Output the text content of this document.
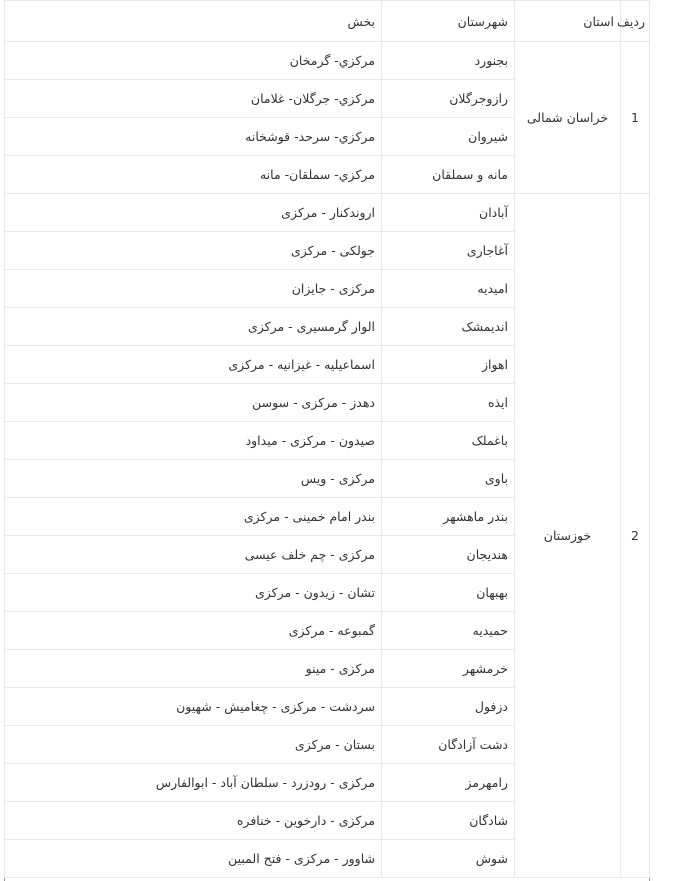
ردیف	استان	شهرستان	بخش
1	خراسان شمالی	بجنورد	مرکزي- گرمخان
		رازوجرگلان	مرکزي- جرگلان- غلامان
		شيروان	مرکزي- سرحد- قوشخانه
		مانه و سملقان	مرکزي- سملقان- مانه
2	خوزستان	آبادان	اروندکنار - مرکزی
		آغاجاری	جولکی - مرکزی
		امیدیه	مرکزی - جایزان
		اندیمشک	الوار گرمسیری - مرکزی
		اهواز	اسماعیلیه - غیزانیه - مرکزی
		ایذه	دهدز - مرکزی - سوسن
		باغملک	صیدون - مرکزی - میداود
		باوی	مرکزی - ویس
		بندر ماهشهر	بندر امام خمینی - مرکزی
		هندیجان	مرکزی - چم خلف عیسی
		بهبهان	تشان - زیدون - مرکزی
		حمیدیه	گمبوعه - مرکزی
		خرمشهر	مرکزی - مینو
		دزفول	سردشت - مرکزی - چغامیش - شهیون
		دشت آزادگان	بستان - مرکزی
		رامهرمز	مرکزی - رودزرد - سلطان آباد - ابوالفارس
		شادگان	مرکزی - دارخوین - خنافره
		شوش	شاوور - مرکزی - فتح المبین
